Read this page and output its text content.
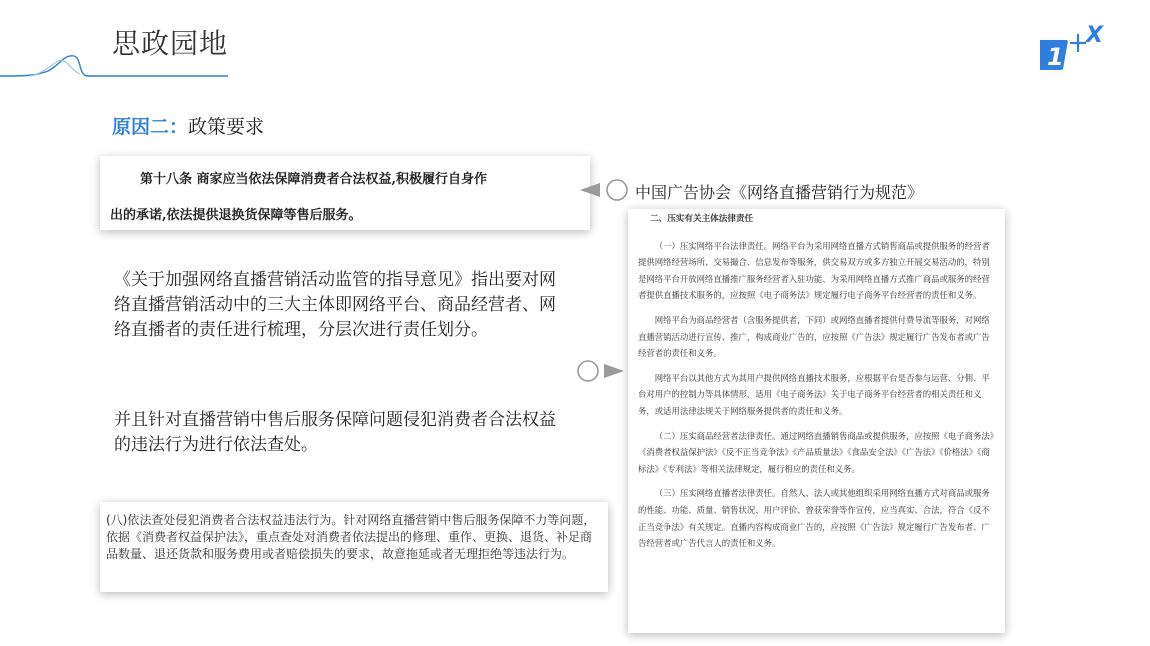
思政园地	1
X
原因二：政策要求
第十八条 商家应当依法保障消费者合法权益,积极履行自身作
出的承诺,依法提供退换货保障等售后服务。
《关于加强网络直播营销活动监管的指导意见》指出要对网络直播营销活动中的三大主体即网络平台、商品经营者、网络直播者的责任进行梳理，分层次进行责任划分。
并且针对直播营销中售后服务保障问题侵犯消费者合法权益的违法行为进行依法查处。
(八)依法查处侵犯消费者合法权益违法行为。针对网络直播营销中售后服务保障不力等问题，依据《消费者权益保护法》，重点查处对消费者依法提出的修理、重作、更换、退货、补足商品数量、退还货款和服务费用或者赔偿损失的要求，故意拖延或者无理拒绝等违法行为。
中国广告协会《网络直播营销行为规范》
二、压实有关主体法律责任

（一）压实网络平台法律责任。网络平台为采用网络直播方式销售商品或提供服务的经营者提供网络经营场所、交易撮合、信息发布等服务，供交易双方或多方独立开展交易活动的，特别是网络平台开放网络直播推广服务经营者入驻功能、为采用网络直播方式推广商品或服务的经营者提供直播技术服务的，应按照《电子商务法》规定履行电子商务平台经营者的责任和义务。

网络平台为商品经营者（含服务提供者，下同）或网络直播者提供付费导流等服务，对网络直播营销活动进行宣传、推广，构成商业广告的，应按照《广告法》规定履行广告发布者或广告经营者的责任和义务。

网络平台以其他方式为其用户提供网络直播技术服务，应根据平台是否参与运营、分佣、平台对用户的控制力等具体情形，适用《电子商务法》关于电子商务平台经营者的相关责任和义务，或适用法律法规关于网络服务提供者的责任和义务。

（二）压实商品经营者法律责任。通过网络直播销售商品或提供服务，应按照《电子商务法》《消费者权益保护法》《反不正当竞争法》《产品质量法》《食品安全法》《广告法》《价格法》《商标法》《专利法》等相关法律规定，履行相应的责任和义务。

（三）压实网络直播者法律责任。自然人、法人或其他组织采用网络直播方式对商品或服务的性能、功能、质量、销售状况、用户评价、曾获荣誉等作宣传，应当真实、合法，符合《反不正当竞争法》有关规定。直播内容构成商业广告的，应按照《广告法》规定履行广告发布者、广告经营者或广告代言人的责任和义务。
